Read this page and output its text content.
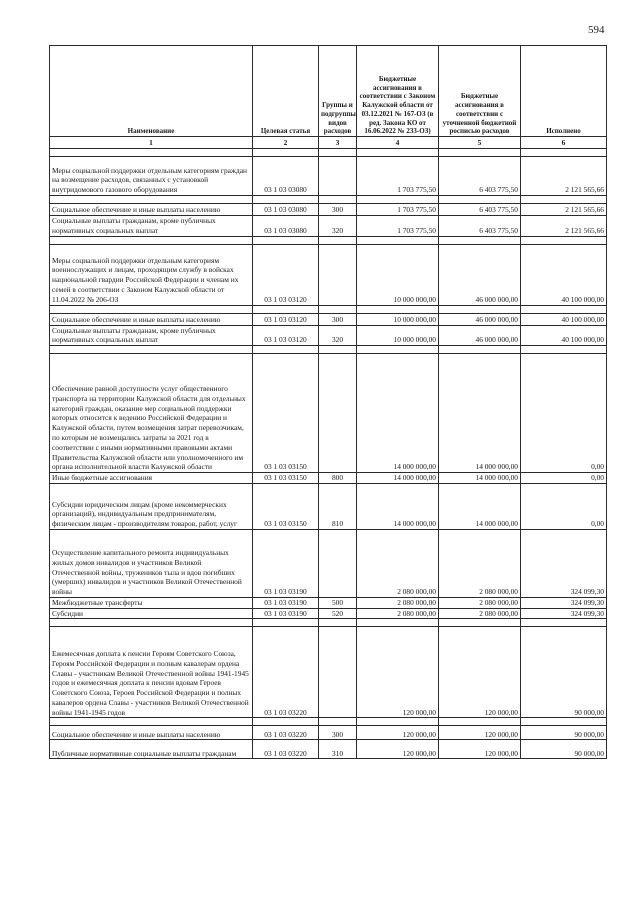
594
Наименование	Целевая статья	Группы и подгруппы видов расходов	Бюджетные ассигнования в соответствии с Законом Калужской области от 03.12.2021 № 167-ОЗ (в ред. Закона КО от 16.06.2022 № 233-ОЗ)	Бюджетные ассигнования в соответствии с уточненной бюджетной росписью расходов	Исполнено
1	2	3	4	5	6

Меры социальной поддержки отдельным категориям граждан на возмещение расходов, связанных с установкой внутридомового газового оборудования	03 1 03 03080		1 703 775,50	6 403 775,50	2 121 565,66

Социальное обеспечение и иные выплаты населению	03 1 03 03080	300	1 703 775,50	6 403 775,50	2 121 565,66
Социальные выплаты гражданам, кроме публичных нормативных социальных выплат	03 1 03 03080	320	1 703 775,50	6 403 775,50	2 121 565,66

Меры социальной поддержки отдельным категориям военнослужащих и лицам, проходящим службу в войсках национальной гвардии Российской Федерации и членам их семей в соответствии с Законом Калужской области от 11.04.2022 № 206-ОЗ	03 1 03 03120		10 000 000,00	46 000 000,00	40 100 000,00

Социальное обеспечение и иные выплаты населению	03 1 03 03120	300	10 000 000,00	46 000 000,00	40 100 000,00
Социальные выплаты гражданам, кроме публичных нормативных социальных выплат	03 1 03 03120	320	10 000 000,00	46 000 000,00	40 100 000,00

Обеспечение равной доступности услуг общественного транспорта на территории Калужской области для отдельных категорий граждан, оказание мер социальной поддержки которых относится к ведению Российской Федерации и Калужской области, путем возмещения затрат перевозчикам, по которым не возмещались затраты за 2021 год в соответствии с иными нормативными правовыми актами Правительства Калужской области или уполномоченного им органа исполнительной власти Калужской области	03 1 03 03150		14 000 000,00	14 000 000,00	0,00
Иные бюджетные ассигнования	03 1 03 03150	800	14 000 000,00	14 000 000,00	0,00
Субсидии юридическим лицам (кроме некоммерческих организаций), индивидуальным предпринимателям, физическим лицам - производителям товаров, работ, услуг	03 1 03 03150	810	14 000 000,00	14 000 000,00	0,00
Осуществление капитального ремонта индивидуальных жилых домов инвалидов и участников Великой Отечественной войны, тружеников тыла и вдов погибших (умерших) инвалидов и участников Великой Отечественной войны	03 1 03 03190		2 080 000,00	2 080 000,00	324 099,30
Межбюджетные трансферты	03 1 03 03190	500	2 080 000,00	2 080 000,00	324 099,30
Субсидии	03 1 03 03190	520	2 080 000,00	2 080 000,00	324 099,30

Ежемесячная доплата к пенсии Героям Советского Союза, Героям Российской Федерации и полным кавалерам ордена Славы - участникам Великой Отечественной войны 1941-1945 годов и ежемесячная доплата к пенсии вдовам Героев Советского Союза, Героев Российской Федерации и полных кавалеров ордена Славы - участников Великой Отечественной войны 1941-1945 годов	03 1 03 03220		120 000,00	120 000,00	90 000,00

Социальное обеспечение и иные выплаты населению	03 1 03 03220	300	120 000,00	120 000,00	90 000,00
Публичные нормативные социальные выплаты гражданам	03 1 03 03220	310	120 000,00	120 000,00	90 000,00
